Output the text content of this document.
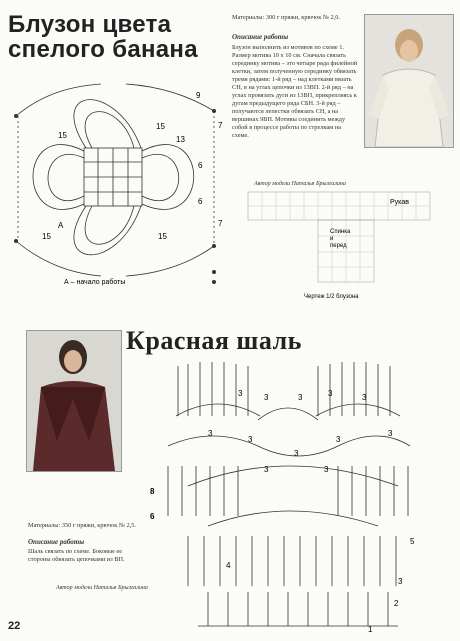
Блузон цвета
спелого банана
9
15
13
7
15
6
6
7
15	15
А
А – начало работы
Материалы: 300 г пряжи, крючок № 2,0.
Описание работы
Блузон выполнить из мотивов по схеме 1. Размер мотива 10 х 10 см. Сначала связать серединку мотива – это четыре ряда филейной клетки, затем полученную серединку обвязать тремя рядами: 1-й ряд – над клетками вязать СН, в на углах цепочки из 13ВП. 2-й ряд – на углах провязать дуги из 13ВП, прикрепляясь к дугам предыдущего ряда СБН. 3-й ряд – получаются лепестки обвязать СН, а на вершинах 9ВП. Мотивы соединить между собой в процессе работы по стрелкам на схеме.
Автор модели Наталья Брызгалина
Рукав
Спинка и перед
Чертеж 1/2 блузона
Красная шаль
3	3	3	3	3
3
3
3
3
3
3	3
8
6
5
4
3
2
1
Материалы: 350 г пряжи, крючок № 2,5.
Описание работы
Шаль связать по схеме. Боковые ее стороны обвязать цепочками из ВП.
Автор модели Наталья Брызгалина
22
